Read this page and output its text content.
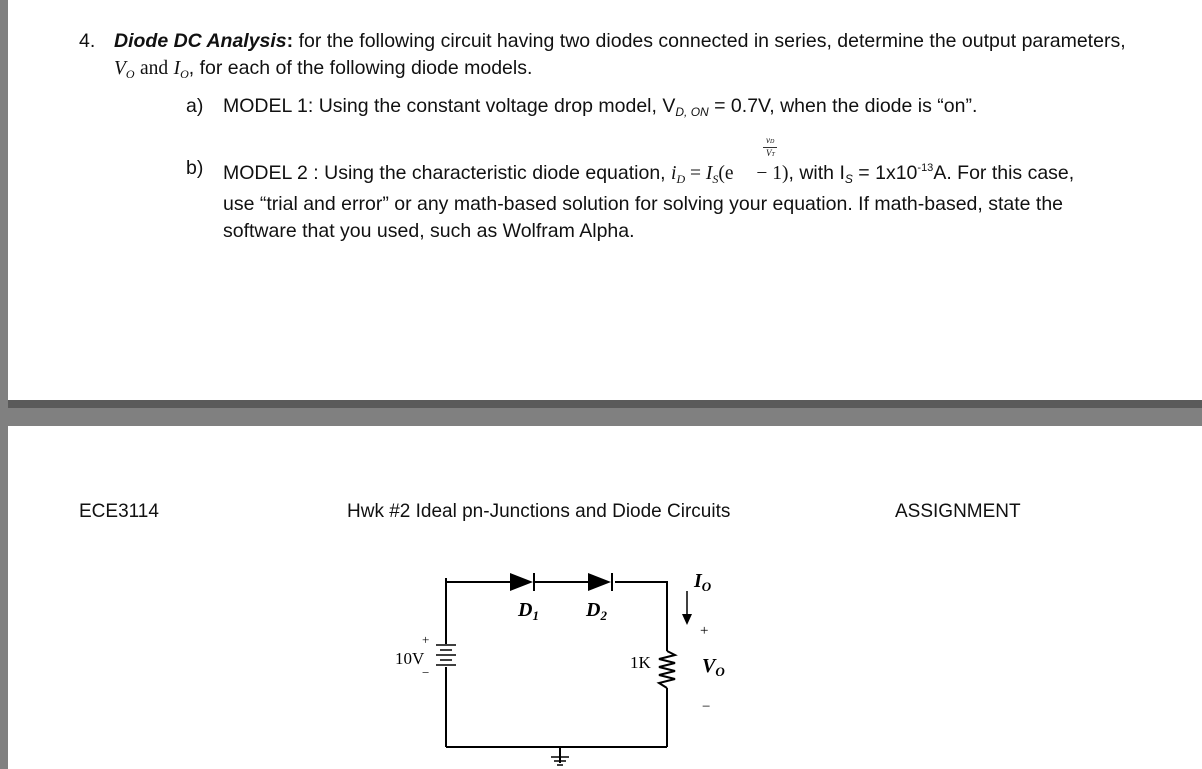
4. Diode DC Analysis: for the following circuit having two diodes connected in series, determine the output parameters,
$V_O$ and $I_O$, for each of the following diode models.
a) MODEL 1: Using the constant voltage drop model, $V_{D, ON} = 0.7V$, when the diode is “on”.
vD
VT
b) MODEL 2 : Using the characteristic diode equation, $i_D = I_S(e - 1)$, with $I_S = 1x10^{-13}A$. For this case,
use “trial and error” or any math-based solution for solving your equation. If math-based, state the
software that you used, such as Wolfram Alpha.
ECE3114	Hwk #2 Ideal pn-Junctions and Diode Circuits	ASSIGNMENT
$D_1$ $D_2$
$I_O$
+
$V_O$
−
10V
+
−
1K
